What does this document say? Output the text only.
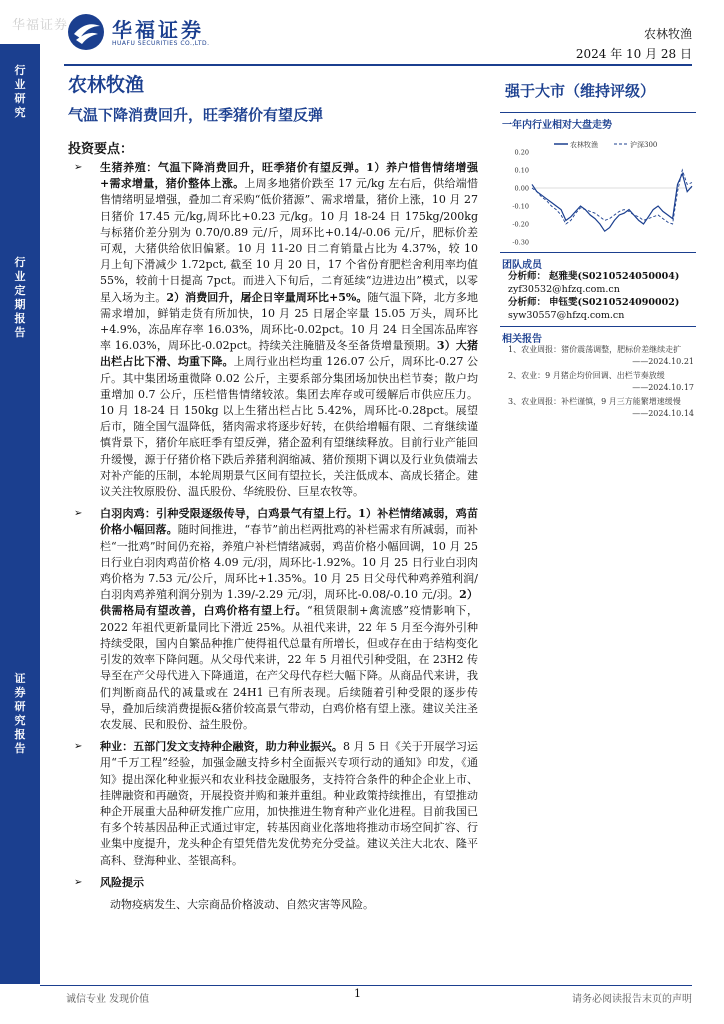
华福证券 华福证券
HUAFU SECURITIES CO.,LTD.
农林牧渔
2024 年 10 月 28 日
行业研究
行业定期报告
证券研究报告
农林牧渔
气温下降消费回升，旺季猪价有望反弹
投资要点：
➢ 生猪养殖：气温下降消费回升，旺季猪价有望反弹。1）养户惜售情绪增强+需求增量，猪价整体上涨。上周多地猪价跌至 17 元/kg 左右后，供给端惜售情绪明显增强，叠加二育采购“低价猪源”、需求增量，猪价上涨，10 月 27 日猪价 17.45 元/kg,周环比+0.23 元/kg。10 月 18-24 日 175kg/200kg 与标猪价差分别为 0.70/0.89 元/斤，周环比+0.14/-0.06 元/斤，肥标价差可观，大猪供给依旧偏紧。10 月 11-20 日二育销量占比为 4.37%，较 10 月上旬下滑减少 1.72pct, 截至 10 月 20 日，17 个省份育肥栏舍利用率均值 55%，较前十日提高 7pct。而进入下旬后，二育延续“边进边出”模式，以零星入场为主。2）消费回升，屠企日宰量周环比+5%。随气温下降，北方多地需求增加，鲜销走货有所加快，10 月 25 日屠企宰量 15.05 万头，周环比+4.9%，冻品库存率 16.03%，周环比-0.02pct。10 月 24 日全国冻品库容率 16.03%，周环比-0.02pct。持续关注腌腊及冬至备货增量预期。3）大猪出栏占比下滑、均重下降。上周行业出栏均重 126.07 公斤，周环比-0.27 公斤。其中集团场重微降 0.02 公斤，主要系部分集团场加快出栏节奏；散户均重增加 0.7 公斤，压栏惜售情绪较浓。集团去库存或可缓解后市供应压力。10 月 18-24 日 150kg 以上生猪出栏占比 5.42%，周环比-0.28pct。展望后市，随全国气温降低，猪肉需求将逐步好转，在供给增幅有限、二育继续谨慎背景下，猪价年底旺季有望反弹，猪企盈利有望继续释放。目前行业产能回升缓慢，源于仔猪价格下跌后养猪利润缩减、猪价预期下调以及行业负债端去对补产能的压制，本轮周期景气区间有望拉长，关注低成本、高成长猪企。建议关注牧原股份、温氏股份、华统股份、巨星农牧等。
➢ 白羽肉鸡：引种受限逐级传导，白鸡景气有望上行。1）补栏情绪减弱，鸡苗价格小幅回落。随时间推进，“春节”前出栏两批鸡的补栏需求有所减弱，而补栏“一批鸡”时间仍充裕，养殖户补栏情绪减弱，鸡苗价格小幅回调，10 月 25 日行业白羽肉鸡苗价格 4.09 元/羽，周环比-1.92%。10 月 25 日行业白羽肉鸡价格为 7.53 元/公斤，周环比+1.35%。10 月 25 日父母代种鸡养殖利润/白羽肉鸡养殖利润分别为 1.39/-2.29 元/羽，周环比-0.08/-0.10 元/羽。2）供需格局有望改善，白鸡价格有望上行。“租赁限制+禽流感”疫情影响下，2022 年祖代更新量同比下滑近 25%。从祖代来讲，22 年 5 月至今海外引种持续受限，国内自繁品种推广使得祖代总量有所增长，但或存在由于结构变化引发的效率下降问题。从父母代来讲，22 年 5 月祖代引种受阻，在 23H2 传导至在产父母代进入下降通道，在产父母代存栏大幅下降。从商品代来讲，我们判断商品代的减量或在 24H1 已有所表现。后续随着引种受限的逐步传导，叠加后续消费提振&猪价较高景气带动，白鸡价格有望上涨。建议关注圣农发展、民和股份、益生股份。
➢ 种业：五部门发文支持种企融资，助力种业振兴。8 月 5 日《关于开展学习运用“千万工程”经验，加强金融支持乡村全面振兴专项行动的通知》印发，《通知》提出深化种业振兴和农业科技金融服务，支持符合条件的种企企业上市、挂牌融资和再融资，开展投资并购和兼并重组。种业政策持续推出，有望推动种企开展重大品种研发推广应用，加快推进生物育种产业化进程。目前我国已有多个转基因品种正式通过审定，转基因商业化落地将推动市场空间扩容、行业集中度提升，龙头种企有望凭借先发优势充分受益。建议关注大北农、隆平高科、登海种业、荃银高科。
➢ 风险提示
动物疫病发生、大宗商品价格波动、自然灾害等风险。
强于大市（维持评级）
一年内行业相对大盘走势
农林牧渔	沪深300
0.20
0.10
0.00
-0.10
-0.20
-0.30
团队成员
分析师： 赵雅斐(S0210524050004)
zyf30532@hfzq.com.cn
分析师： 申钰雯(S0210524090002)
syw30557@hfzq.com.cn
相关报告
1、农业周报：猪价震荡调整，肥标价差继续走扩
——2024.10.21
2、农业：9 月猪企均价回调、出栏节奏放缓
——2024.10.17
3、农业周报：补栏谨慎，9 月三方能繁增速缓慢
——2024.10.14
诚信专业 发现价值	1	请务必阅读报告末页的声明
